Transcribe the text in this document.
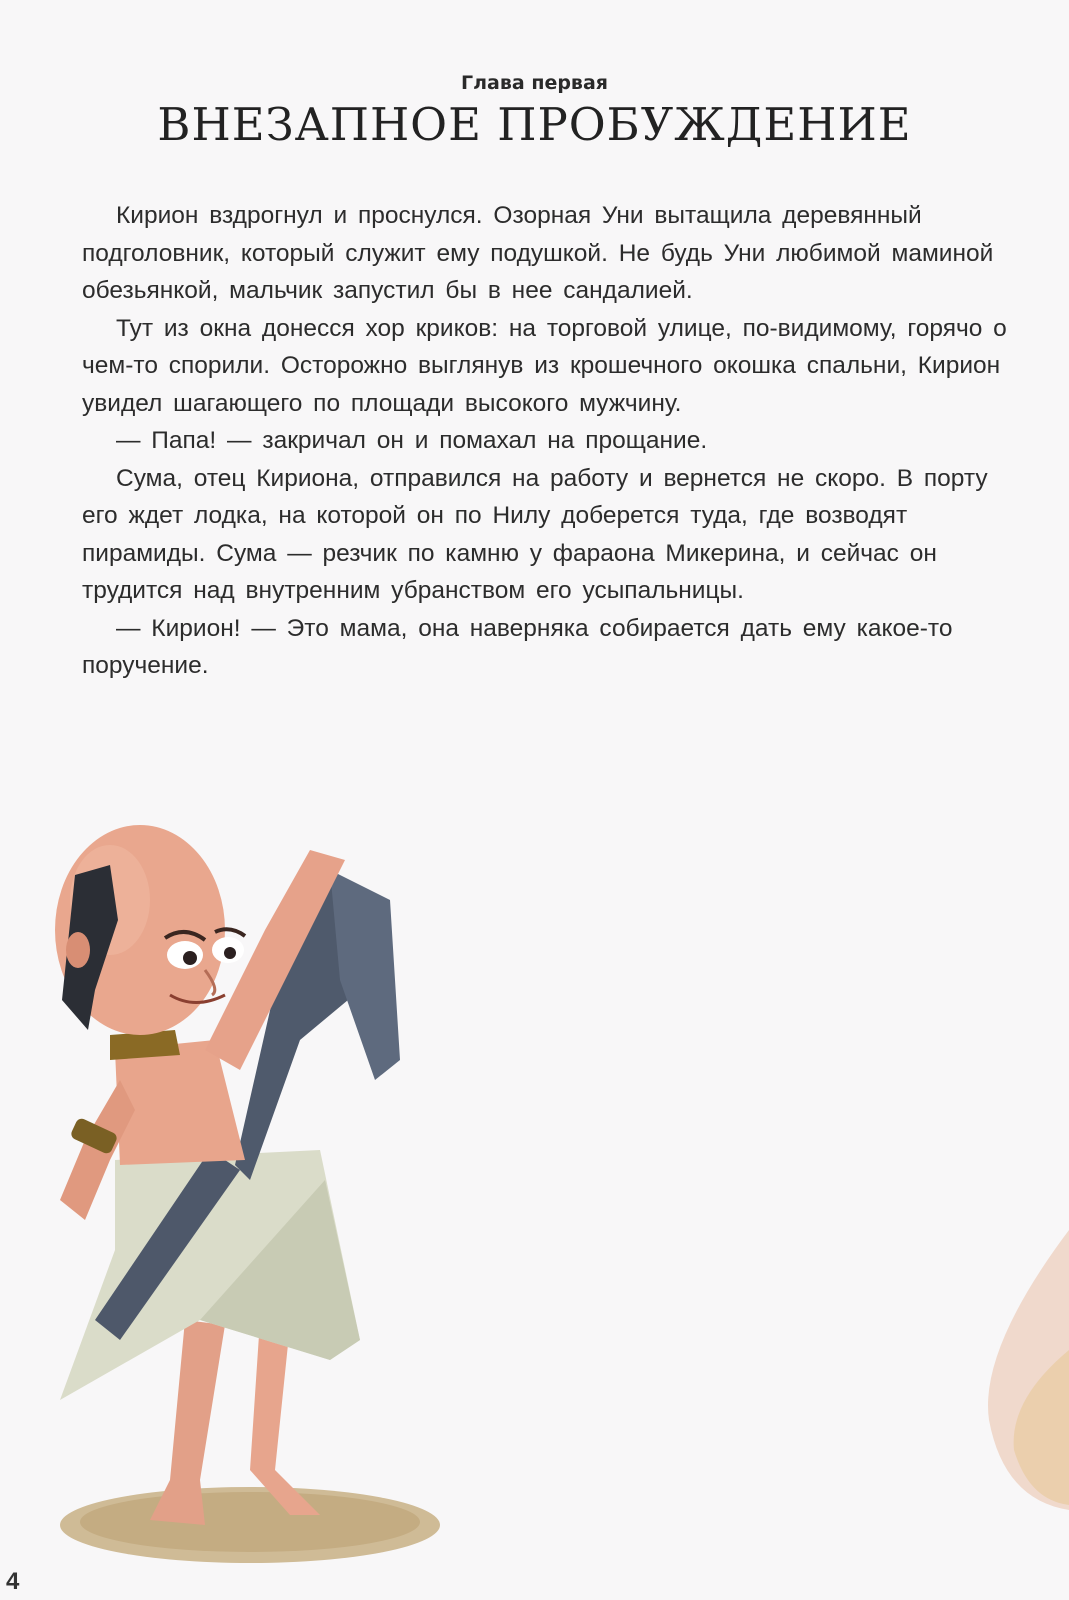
Глава первая
ВНЕЗАПНОЕ ПРОБУЖДЕНИЕ

Кирион вздрогнул и проснулся. Озорная Уни вытащила деревянный подголовник, который служит ему подушкой. Не будь Уни любимой маминой обезьянкой, мальчик запустил бы в нее сандалией.

Тут из окна донесся хор криков: на торговой улице, по-видимому, горячо о чем-то спорили. Осторожно выглянув из крошечного окошка спальни, Кирион увидел шагающего по площади высокого мужчину.

— Папа! — закричал он и помахал на прощание.

Сума, отец Кириона, отправился на работу и вернется не скоро. В порту его ждет лодка, на которой он по Нилу доберется туда, где возводят пирамиды. Сума — резчик по камню у фараона Микерина, и сейчас он трудится над внутренним убранством его усыпальницы.

— Кирион! — Это мама, она наверняка собирается дать ему какое-то поручение.

4
